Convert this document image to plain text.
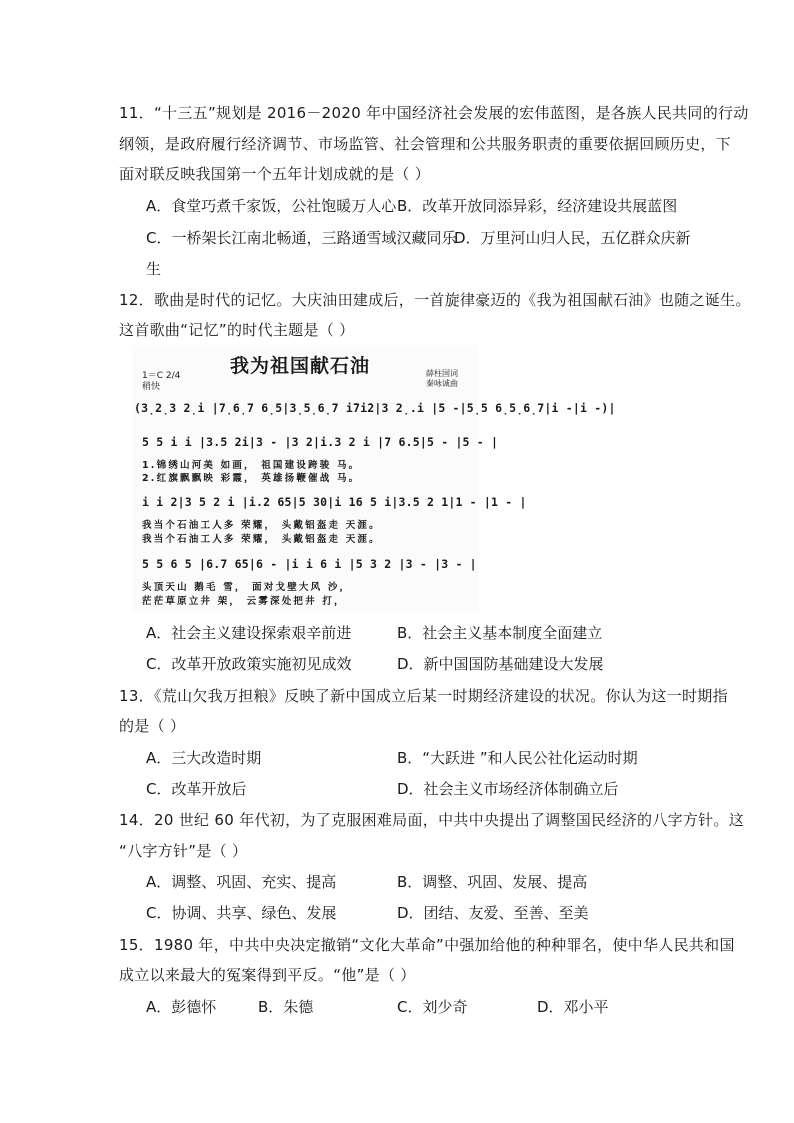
11．“十三五”规划是 2016－2020 年中国经济社会发展的宏伟蓝图，是各族人民共同的行动
纲领，是政府履行经济调节、市场监管、社会管理和公共服务职责的重要依据回顾历史，下
面对联反映我国第一个五年计划成就的是（ ）
A．食堂巧煮千家饭，公社饱暖万人心 B．改革开放同添异彩，经济建设共展蓝图
C．一桥架长江南北畅通，三路通雪域汉藏同乐
D．万里河山归人民，五亿群众庆新
生
12．歌曲是时代的记忆。大庆油田建成后，一首旋律豪迈的《我为祖国献石油》也随之诞生。
这首歌曲“记忆”的时代主题是（ ）
我为祖国献石油
1＝C 2/4
稍快
薛柱国词
秦咏诚曲
(3̣2̣3 2̣i |7̣6̣7 6̣5|3̣5̣6̣7 i̇7i̇2|3 2̣.i |5 -|5̣5 6̣5̣6̣7|i -|i -)|
5 5 i i |3.5 2i|3 - |3 2|i.3 2 i |7 6.5|5 - |5 - |
1.锦绣山河美 如画， 祖国建设跨骏 马。
2.红旗飘飘映 彩霞， 英雄扬鞭催战 马。
i i 2|3 5 2 i |i.2 65|5 30|i 16 5 i|3.5 2 1|1 - |1 - |
我当个石油工人多 荣耀， 头戴铝盔走 天涯。
我当个石油工人多 荣耀， 头戴铝盔走 天涯。
5 5 6 5 |6.7 65|6 - |i i 6 i |5 3 2 |3 - |3 - |
头顶天山 鹅毛 雪， 面对戈壁大风 沙，
茫茫草原立井 架， 云雾深处把井 打，
A．社会主义建设探索艰辛前进	B．社会主义基本制度全面建立
C．改革开放政策实施初见成效	D．新中国国防基础建设大发展
13．《荒山欠我万担粮》反映了新中国成立后某一时期经济建设的状况。你认为这一时期指
的是（ ）
A．三大改造时期	B．“大跃进 ”和人民公社化运动时期
C．改革开放后	D．社会主义市场经济体制确立后
14．20 世纪 60 年代初，为了克服困难局面，中共中央提出了调整国民经济的八字方针。这
“八字方针”是（ ）
A．调整、巩固、充实、提高	B．调整、巩固、发展、提高
C．协调、共享、绿色、发展	D．团结、友爱、至善、至美
15．1980 年，中共中央决定撤销“文化大革命”中强加给他的种种罪名，使中华人民共和国
成立以来最大的冤案得到平反。“他”是（ ）
A．彭德怀	B．朱德	C．刘少奇	D．邓小平
